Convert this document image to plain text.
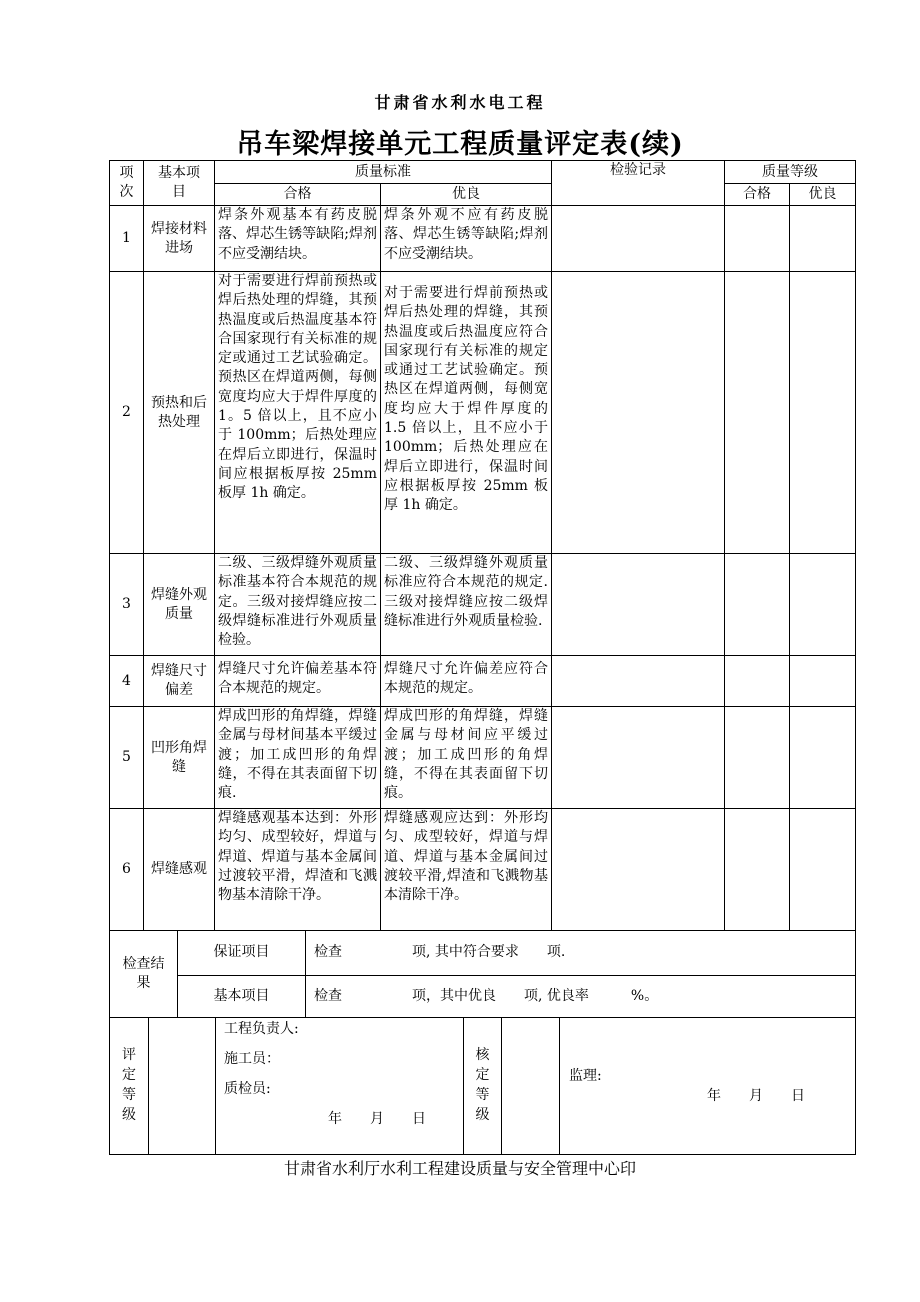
甘肃省水利水电工程
吊车梁焊接单元工程质量评定表(续)
项次	基本项目	质量标准		检验记录	质量等级	
		合格	优良		合格	优良
1	焊接材料进场	焊条外观基本有药皮脱落、焊芯生锈等缺陷;焊剂不应受潮结块。	焊条外观不应有药皮脱落、焊芯生锈等缺陷;焊剂不应受潮结块。			
2	预热和后热处理	对于需要进行焊前预热或焊后热处理的焊缝，其预热温度或后热温度基本符合国家现行有关标准的规定或通过工艺试验确定。预热区在焊道两侧，每侧宽度均应大于焊件厚度的 1。5 倍以上，且不应小于 100mm；后热处理应在焊后立即进行，保温时间应根据板厚按 25mm 板厚 1h 确定。	对于需要进行焊前预热或焊后热处理的焊缝，其预热温度或后热温度应符合国家现行有关标准的规定或通过工艺试验确定。预热区在焊道两侧，每侧宽度均应大于焊件厚度的 1.5 倍以上，且不应小于 100mm；后热处理应在焊后立即进行，保温时间应根据板厚按 25mm 板厚 1h 确定。			
3	焊缝外观质量	二级、三级焊缝外观质量标准基本符合本规范的规定。三级对接焊缝应按二级焊缝标准进行外观质量检验。	二级、三级焊缝外观质量标准应符合本规范的规定.三级对接焊缝应按二级焊缝标准进行外观质量检验.			
4	焊缝尺寸偏差	焊缝尺寸允许偏差基本符合本规范的规定。	焊缝尺寸允许偏差应符合本规范的规定。			
5	凹形角焊缝	焊成凹形的角焊缝，焊缝金属与母材间基本平缓过渡；加工成凹形的角焊缝，不得在其表面留下切痕.	焊成凹形的角焊缝，焊缝金属与母材间应平缓过渡；加工成凹形的角焊缝，不得在其表面留下切痕。			
6	焊缝感观	焊缝感观基本达到：外形均匀、成型较好，焊道与焊道、焊道与基本金属间过渡较平滑，焊渣和飞溅物基本清除干净。	焊缝感观应达到：外形均匀、成型较好，焊道与焊道、焊道与基本金属间过渡较平滑,焊渣和飞溅物基本清除干净。			
检查结果	保证项目	检查　　　　　项, 其中符合要求　　项.
	基本项目	检查　　　　　项，其中优良　　项, 优良率　　　%。
评定等级		
工程负责人:
施工员：
质检员:
年　　月　　日
	核定等级		
监理:
年　　月　　日
甘肃省水利厅水利工程建设质量与安全管理中心印
